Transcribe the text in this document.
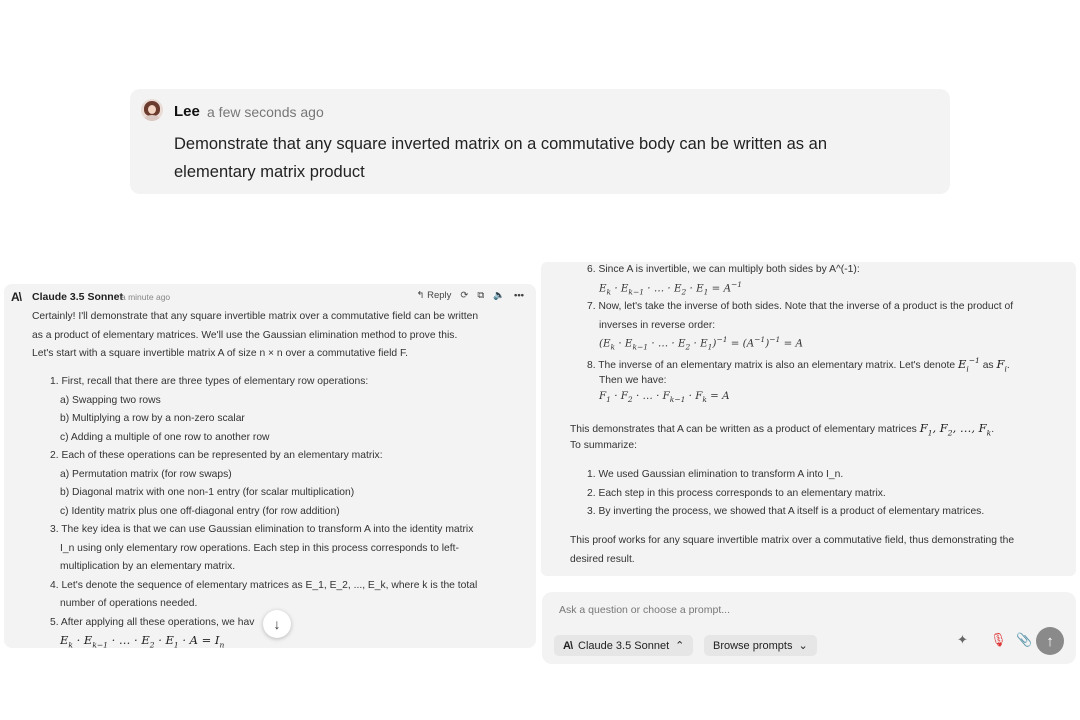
Lee a few seconds ago
Demonstrate that any square inverted matrix on a commutative body can be written as an
elementary matrix product
A\ Claude 3.5 Sonnet
a minute ago	↰ Reply ⟳ ⧉ 🔈 •••
Certainly! I'll demonstrate that any square invertible matrix over a commutative field can be written
as a product of elementary matrices. We'll use the Gaussian elimination method to prove this.
Let's start with a square invertible matrix A of size n × n over a commutative field F.
1. First, recall that there are three types of elementary row operations:
a) Swapping two rows
b) Multiplying a row by a non-zero scalar
c) Adding a multiple of one row to another row
2. Each of these operations can be represented by an elementary matrix:
a) Permutation matrix (for row swaps)
b) Diagonal matrix with one non-1 entry (for scalar multiplication)
c) Identity matrix plus one off-diagonal entry (for row addition)
3. The key idea is that we can use Gaussian elimination to transform A into the identity matrix
I_n using only elementary row operations. Each step in this process corresponds to left-
multiplication by an elementary matrix.
4. Let's denote the sequence of elementary matrices as E_1, E_2, ..., E_k, where k is the total
number of operations needed.
5. After applying all these operations, we hav
$E_k \cdot E_{k-1}$ · … · $E_2 \cdot E_1 \cdot A = I_n$
↓
6. Since A is invertible, we can multiply both sides by A^(-1):
$E_k \cdot E_{k-1}$ · … · $E_2 \cdot E_1 = A^{-1}$
7. Now, let's take the inverse of both sides. Note that the inverse of a product is the product of
inverses in reverse order:
($E_k \cdot E_{k-1}$ · … · $E_2 \cdot E_1)^{-1} = (A^{-1})^{-1} = A$
8. The inverse of an elementary matrix is also an elementary matrix. Let's denote $E_i^{-1}$ as $F_i$.
Then we have:
$F_1 \cdot F_2$ · … · $F_{k-1} \cdot F_k = A$
This demonstrates that A can be written as a product of elementary matrices $F_1$, $F_2$, …, $F_k$.
To summarize:
1. We used Gaussian elimination to transform A into I_n.
2. Each step in this process corresponds to an elementary matrix.
3. By inverting the process, we showed that A itself is a product of elementary matrices.
This proof works for any square invertible matrix over a commutative field, thus demonstrating the
desired result.
Ask a question or choose a prompt...
A\ Claude 3.5 Sonnet ⌃	Browse prompts ⌄	✦ 🎙 📎 ↑
